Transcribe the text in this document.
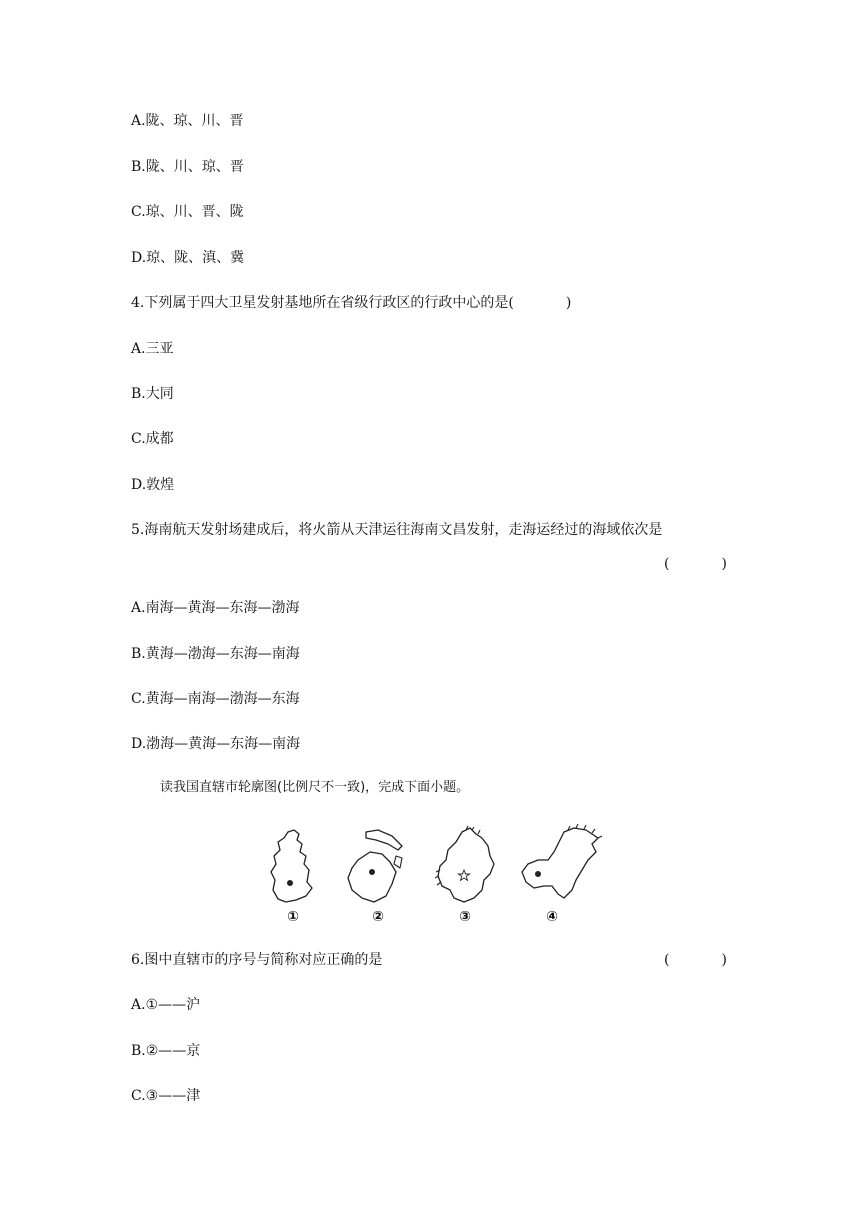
A.陇、琼、川、晋
B.陇、川、琼、晋
C.琼、川、晋、陇
D.琼、陇、滇、冀
4.下列属于四大卫星发射基地所在省级行政区的行政中心的是(	)
A.三亚
B.大同
C.成都
D.敦煌
5.海南航天发射场建成后，将火箭从天津运往海南文昌发射，走海运经过的海域依次是
(	)
A.南海—黄海—东海—渤海
B.黄海—渤海—东海—南海
C.黄海—南海—渤海—东海
D.渤海—黄海—东海—南海
读我国直辖市轮廓图(比例尺不一致)，完成下面小题。
①	②	③	④
6.图中直辖市的序号与简称对应正确的是	(	)
A.①——沪
B.②——京
C.③——津
